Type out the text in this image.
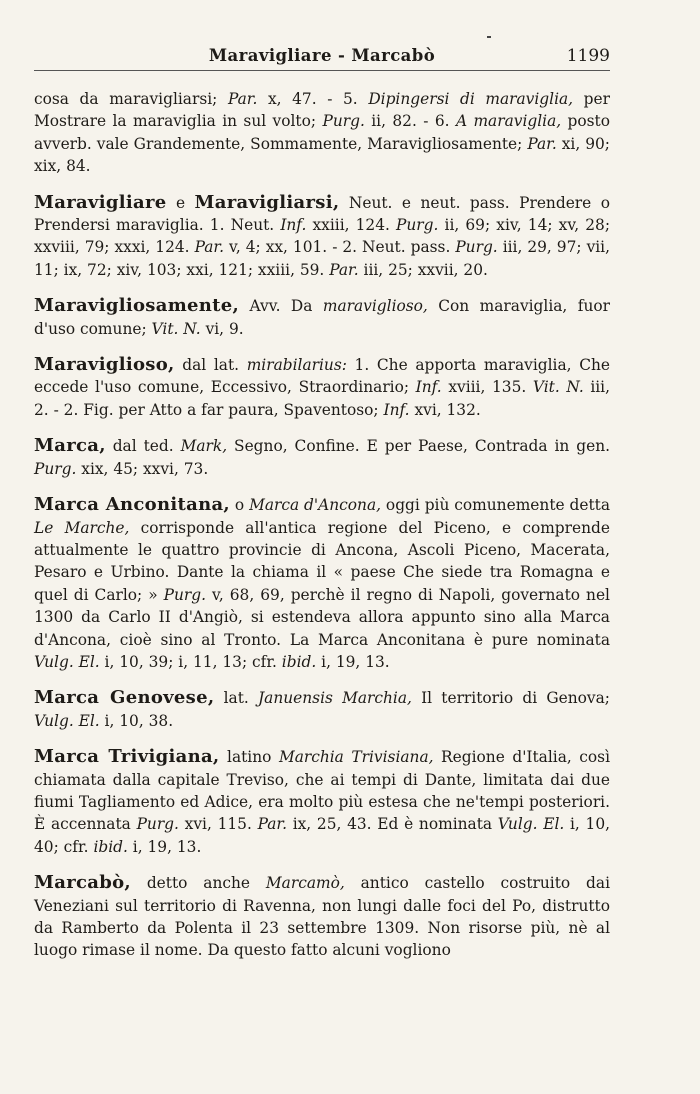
Maravigliare - Marcabò	1199

cosa da maravigliarsi; Par. x, 47. - 5. Dipingersi di maraviglia, per Mostrare la maraviglia in sul volto; Purg. ii, 82. - 6. A maraviglia, posto avverb. vale Grandemente, Sommamente, Maravigliosamente; Par. xi, 90; xix, 84.

Maravigliare e Maravigliarsi, Neut. e neut. pass. Prendere o Prendersi maraviglia. 1. Neut. Inf. xxiii, 124. Purg. ii, 69; xiv, 14; xv, 28; xxviii, 79; xxxi, 124. Par. v, 4; xx, 101. - 2. Neut. pass. Purg. iii, 29, 97; vii, 11; ix, 72; xiv, 103; xxi, 121; xxiii, 59. Par. iii, 25; xxvii, 20.

Maravigliosamente, Avv. Da maraviglioso, Con maraviglia, fuor d'uso comune; Vit. N. vi, 9.

Maraviglioso, dal lat. mirabilarius: 1. Che apporta maraviglia, Che eccede l'uso comune, Eccessivo, Straordinario; Inf. xviii, 135. Vit. N. iii, 2. - 2. Fig. per Atto a far paura, Spaventoso; Inf. xvi, 132.

Marca, dal ted. Mark, Segno, Confine. E per Paese, Contrada in gen. Purg. xix, 45; xxvi, 73.

Marca Anconitana, o Marca d'Ancona, oggi più comunemente detta Le Marche, corrisponde all'antica regione del Piceno, e comprende attualmente le quattro provincie di Ancona, Ascoli Piceno, Macerata, Pesaro e Urbino. Dante la chiama il « paese Che siede tra Romagna e quel di Carlo; » Purg. v, 68, 69, perchè il regno di Napoli, governato nel 1300 da Carlo II d'Angiò, si estendeva allora appunto sino alla Marca d'Ancona, cioè sino al Tronto. La Marca Anconitana è pure nominata Vulg. El. i, 10, 39; i, 11, 13; cfr. ibid. i, 19, 13.

Marca Genovese, lat. Januensis Marchia, Il territorio di Genova; Vulg. El. i, 10, 38.

Marca Trivigiana, latino Marchia Trivisiana, Regione d'Italia, così chiamata dalla capitale Treviso, che ai tempi di Dante, limitata dai due fiumi Tagliamento ed Adice, era molto più estesa che ne'tempi posteriori. È accennata Purg. xvi, 115. Par. ix, 25, 43. Ed è nominata Vulg. El. i, 10, 40; cfr. ibid. i, 19, 13.

Marcabò, detto anche Marcamò, antico castello costruito dai Veneziani sul territorio di Ravenna, non lungi dalle foci del Po, distrutto da Ramberto da Polenta il 23 settembre 1309. Non risorse più, nè al luogo rimase il nome. Da questo fatto alcuni vogliono
